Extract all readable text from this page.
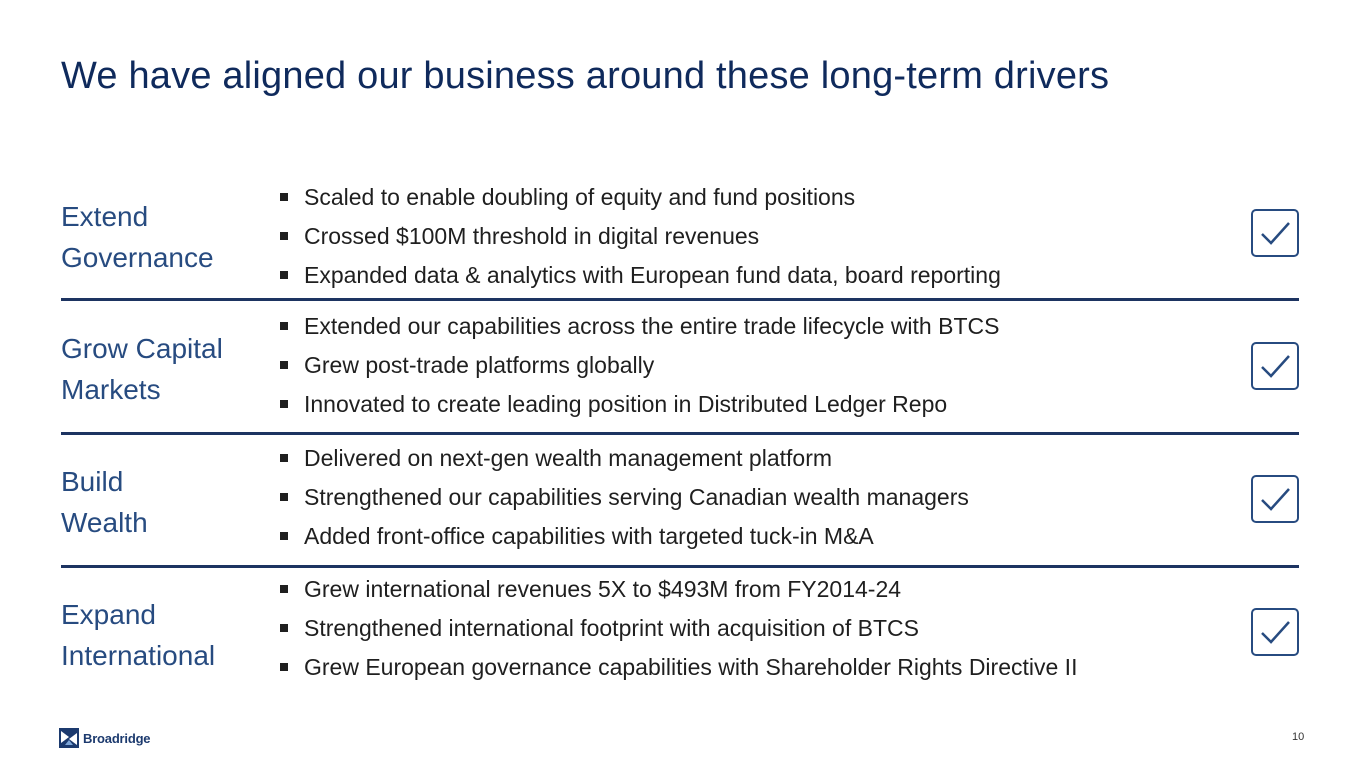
We have aligned our business around these long-term drivers
Extend
Governance
Scaled to enable doubling of equity and fund positions
Crossed $100M threshold in digital revenues
Expanded data & analytics with European fund data, board reporting
Grow Capital
Markets
Extended our capabilities across the entire trade lifecycle with BTCS
Grew post-trade platforms globally
Innovated to create leading position in Distributed Ledger Repo
Build
Wealth
Delivered on next-gen wealth management platform
Strengthened our capabilities serving Canadian wealth managers
Added front-office capabilities with targeted tuck-in M&A
Expand
International
Grew international revenues 5X to $493M from FY2014-24
Strengthened international footprint with acquisition of BTCS
Grew European governance capabilities with Shareholder Rights Directive II
Broadridge	10
